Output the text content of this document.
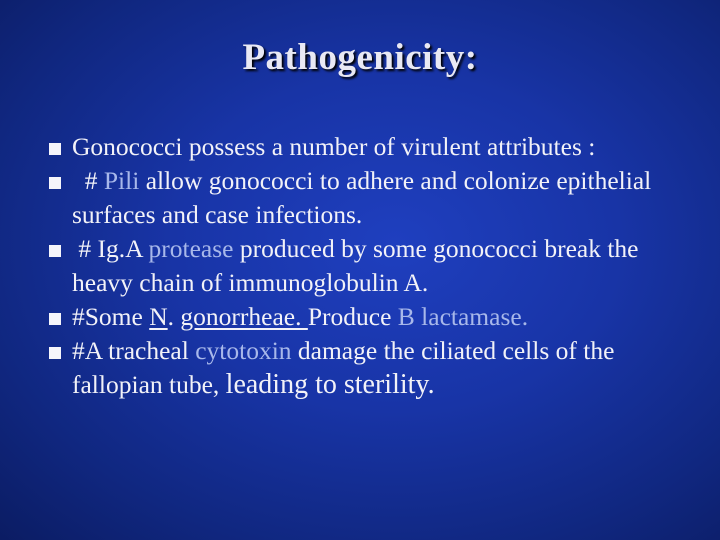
Pathogenicity:
Gonococci possess a number of virulent attributes :
# Pili allow gonococci to adhere and colonize epithelial surfaces and case infections.
# Ig.A protease produced by some gonococci break the heavy chain of immunoglobulin A.
#Some N. gonorrheae. Produce B lactamase.
#A tracheal cytotoxin damage the ciliated cells of the fallopian tube, leading to sterility.
